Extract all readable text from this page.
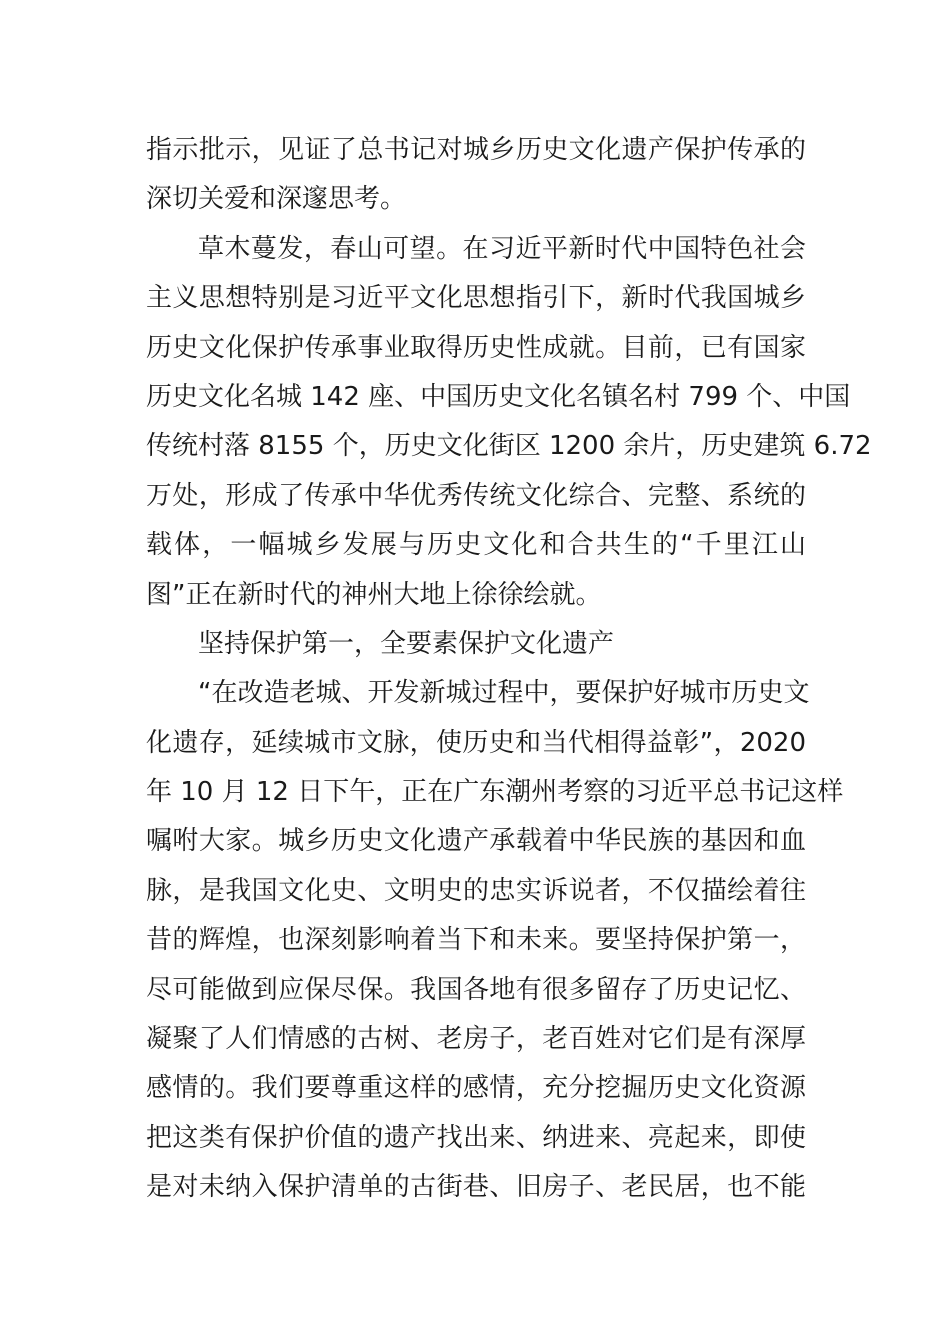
指示批示，见证了总书记对城乡历史文化遗产保护传承的
深切关爱和深邃思考。
草木蔓发，春山可望。在习近平新时代中国特色社会
主义思想特别是习近平文化思想指引下，新时代我国城乡
历史文化保护传承事业取得历史性成就。目前，已有国家
历史文化名城 142 座、中国历史文化名镇名村 799 个、中国
传统村落 8155 个，历史文化街区 1200 余片，历史建筑 6.72
万处，形成了传承中华优秀传统文化综合、完整、系统的
载体，一幅城乡发展与历史文化和合共生的“千里江山
图”正在新时代的神州大地上徐徐绘就。
坚持保护第一，全要素保护文化遗产
“在改造老城、开发新城过程中，要保护好城市历史文
化遗存，延续城市文脉，使历史和当代相得益彰”，2020
年 10 月 12 日下午，正在广东潮州考察的习近平总书记这样
嘱咐大家。城乡历史文化遗产承载着中华民族的基因和血
脉，是我国文化史、文明史的忠实诉说者，不仅描绘着往
昔的辉煌，也深刻影响着当下和未来。要坚持保护第一，
尽可能做到应保尽保。我国各地有很多留存了历史记忆、
凝聚了人们情感的古树、老房子，老百姓对它们是有深厚
感情的。我们要尊重这样的感情，充分挖掘历史文化资源
把这类有保护价值的遗产找出来、纳进来、亮起来，即使
是对未纳入保护清单的古街巷、旧房子、老民居，也不能
